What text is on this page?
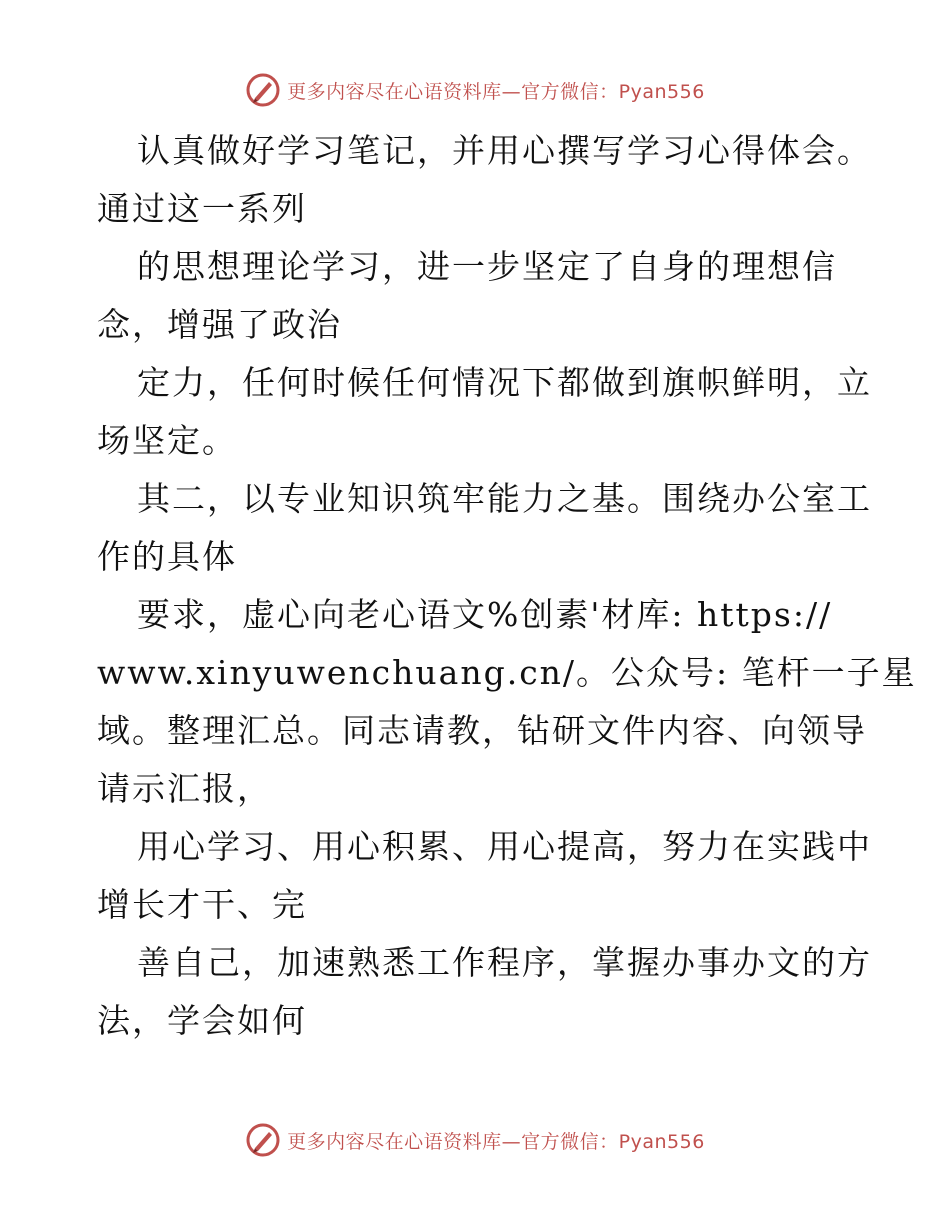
更多内容尽在心语资料库—官方微信：Pyan556
认真做好学习笔记，并用心撰写学习心得体会。
通过这一系列
的思想理论学习，进一步坚定了自身的理想信
念，增强了政治
定力，任何时候任何情况下都做到旗帜鲜明，立
场坚定。
其二，以专业知识筑牢能力之基。围绕办公室工
作的具体
要求，虚心向老心语文%创素'材库: https://
www.xinyuwenchuang.cn/。公众号: 笔杆一子星
域。整理汇总。同志请教，钻研文件内容、向领导
请示汇报，
用心学习、用心积累、用心提高，努力在实践中
增长才干、完
善自己，加速熟悉工作程序，掌握办事办文的方
法，学会如何
更多内容尽在心语资料库—官方微信：Pyan556
